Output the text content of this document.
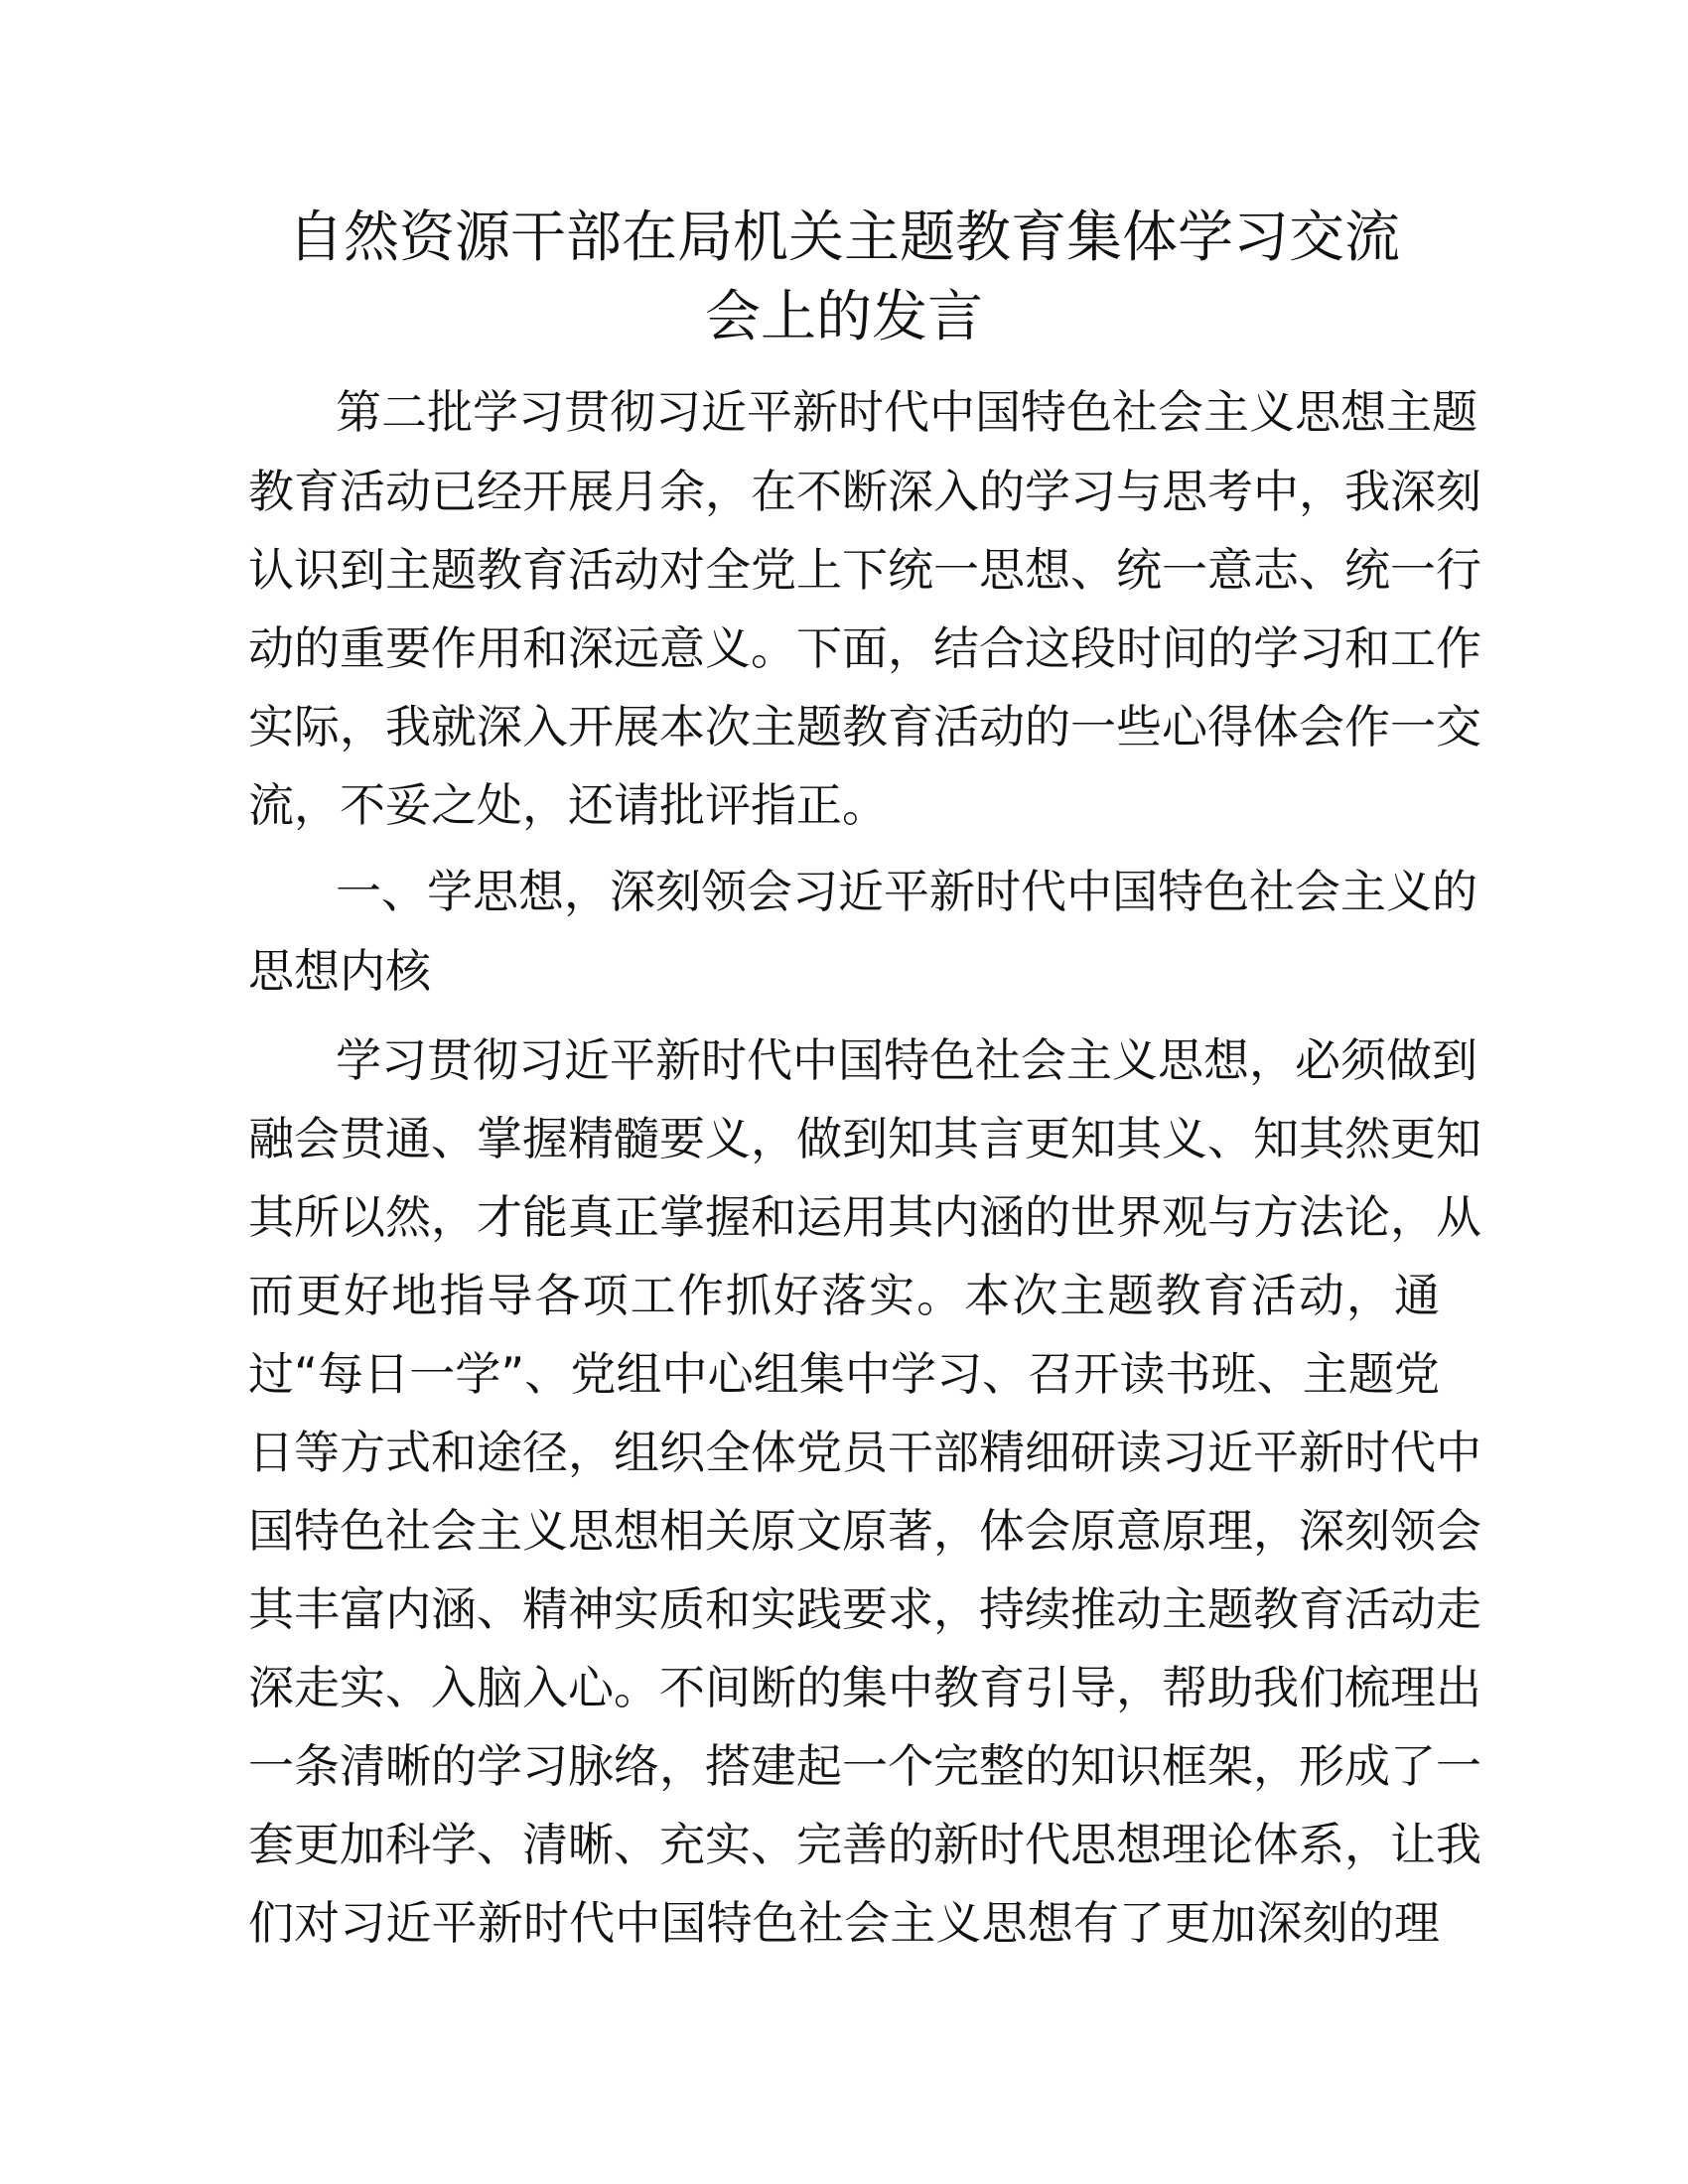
自然资源干部在局机关主题教育集体学习交流
会上的发言
第二批学习贯彻习近平新时代中国特色社会主义思想主题
教育活动已经开展月余，在不断深入的学习与思考中，我深刻
认识到主题教育活动对全党上下统一思想、统一意志、统一行
动的重要作用和深远意义。下面，结合这段时间的学习和工作
实际，我就深入开展本次主题教育活动的一些心得体会作一交
流，不妥之处，还请批评指正。
一、学思想，深刻领会习近平新时代中国特色社会主义的
思想内核
学习贯彻习近平新时代中国特色社会主义思想，必须做到
融会贯通、掌握精髓要义，做到知其言更知其义、知其然更知
其所以然，才能真正掌握和运用其内涵的世界观与方法论，从
而更好地指导各项工作抓好落实。本次主题教育活动，通
过“每日一学”、党组中心组集中学习、召开读书班、主题党
日等方式和途径，组织全体党员干部精细研读习近平新时代中
国特色社会主义思想相关原文原著，体会原意原理，深刻领会
其丰富内涵、精神实质和实践要求，持续推动主题教育活动走
深走实、入脑入心。不间断的集中教育引导，帮助我们梳理出
一条清晰的学习脉络，搭建起一个完整的知识框架，形成了一
套更加科学、清晰、充实、完善的新时代思想理论体系，让我
们对习近平新时代中国特色社会主义思想有了更加深刻的理
